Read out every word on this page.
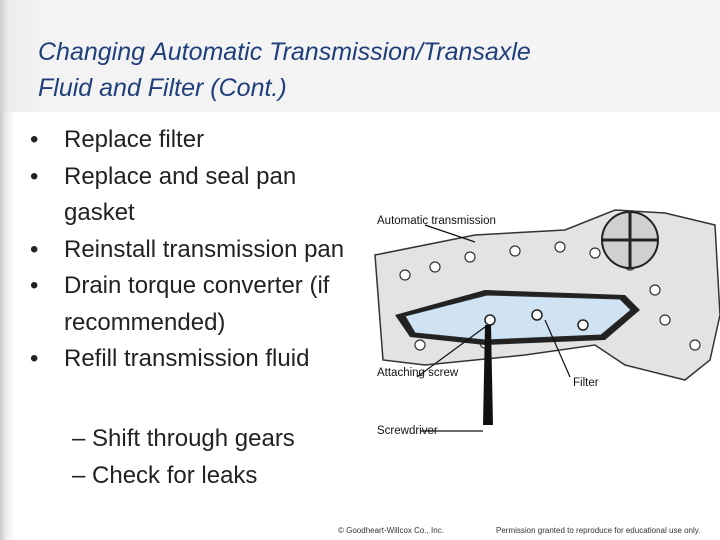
Changing Automatic Transmission/Transaxle
Fluid and Filter (Cont.)
• Replace filter
• Replace and seal pan gasket
• Reinstall transmission pan
• Drain torque converter (if recommended)
• Refill transmission fluid
– Shift through gears
– Check for leaks
Automatic transmission
Attaching screw
Filter
Screwdriver
© Goodheart-Willcox Co., Inc.	Permission granted to reproduce for educational use only.
